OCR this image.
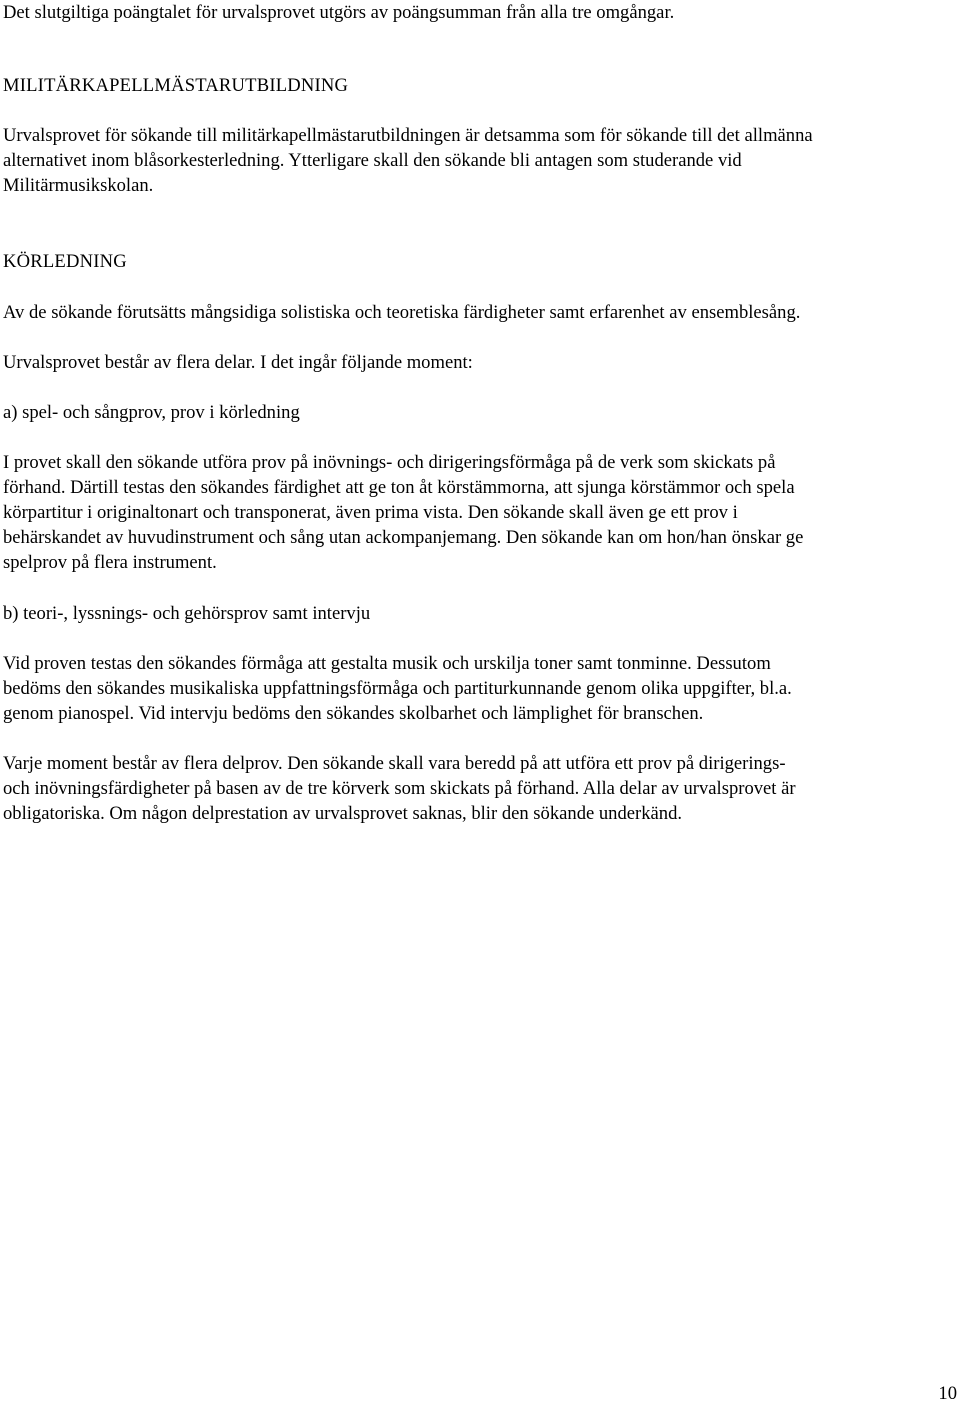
Det slutgiltiga poängtalet för urvalsprovet utgörs av poängsumman från alla tre omgångar.

MILITÄRKAPELLMÄSTARUTBILDNING

Urvalsprovet för sökande till militärkapellmästarutbildningen är detsamma som för sökande till det allmänna
alternativet inom blåsorkesterledning. Ytterligare skall den sökande bli antagen som studerande vid
Militärmusikskolan.

KÖRLEDNING

Av de sökande förutsätts mångsidiga solistiska och teoretiska färdigheter samt erfarenhet av ensemblesång.

Urvalsprovet består av flera delar. I det ingår följande moment:

a) spel- och sångprov, prov i körledning

I provet skall den sökande utföra prov på inövnings- och dirigeringsförmåga på de verk som skickats på
förhand. Därtill testas den sökandes färdighet att ge ton åt körstämmorna, att sjunga körstämmor och spela
körpartitur i originaltonart och transponerat, även prima vista. Den sökande skall även ge ett prov i
behärskandet av huvudinstrument och sång utan ackompanjemang. Den sökande kan om hon/han önskar ge
spelprov på flera instrument.

b) teori-, lyssnings- och gehörsprov samt intervju

Vid proven testas den sökandes förmåga att gestalta musik och urskilja toner samt tonminne. Dessutom
bedöms den sökandes musikaliska uppfattningsförmåga och partiturkunnande genom olika uppgifter, bl.a.
genom pianospel. Vid intervju bedöms den sökandes skolbarhet och lämplighet för branschen.
Varje moment består av flera delprov. Den sökande skall vara beredd på att utföra ett prov på dirigerings-
och inövningsfärdigheter på basen av de tre körverk som skickats på förhand. Alla delar av urvalsprovet är
obligatoriska. Om någon delprestation av urvalsprovet saknas, blir den sökande underkänd.
10
